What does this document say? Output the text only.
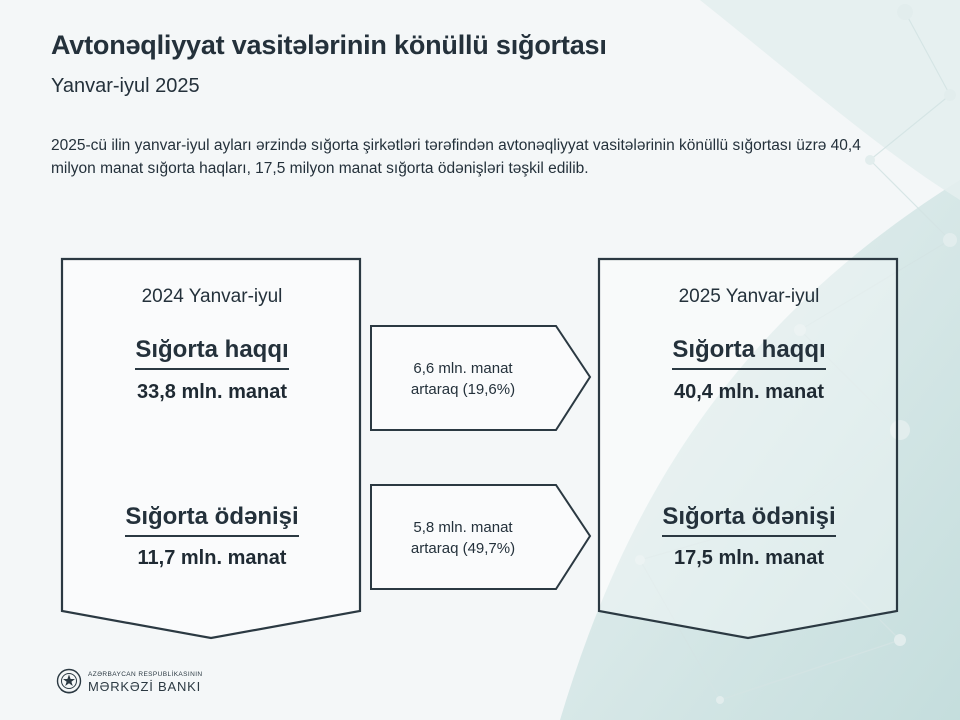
Avtonəqliyyat vasitələrinin könüllü sığortası
Yanvar-iyul 2025

2025-cü ilin yanvar-iyul ayları ərzində sığorta şirkətləri tərəfindən avtonəqliyyat vasitələrinin könüllü sığortası üzrə 40,4 milyon manat sığorta haqları, 17,5 milyon manat sığorta ödənişləri təşkil edilib.

2024 Yanvar-iyul
Sığorta haqqı
33,8 mln. manat
Sığorta ödənişi
11,7 mln. manat
2025 Yanvar-iyul
Sığorta haqqı
40,4 mln. manat
Sığorta ödənişi
17,5 mln. manat
6,6 mln. manat
artaraq (19,6%)
5,8 mln. manat
artaraq (49,7%)
AZƏRBAYCAN RESPUBLİKASININ
MƏRKƏZİ BANKI
